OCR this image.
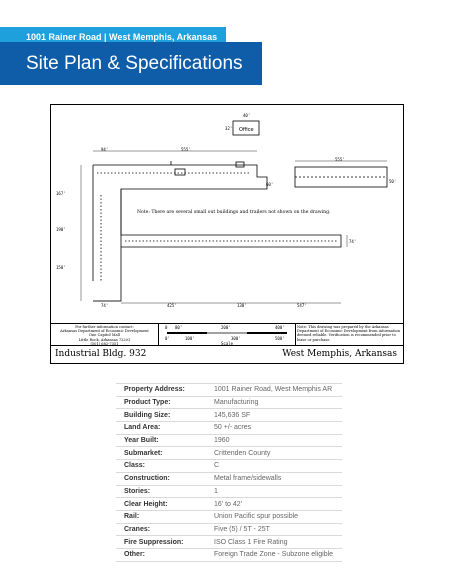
1001 Rainer Road | West Memphis, Arkansas
Site Plan & Specifications
Office
40'
32'
94'	555'
60'
555'
50'
167'
190'
150'
74'
74'	425'	138'	547'
Note: There are several small out buildings and trailers not shown on the drawing.
For further information contact:
Arkansas Department of Economic Development
One Capitol Mall
Little Rock, Arkansas 72201
(501) 682-7351
0 80'	200'	400'
0'	100'	300'	500'
Scale
Note: This drawing was prepared by the Arkansas Department of Economic Development from information deemed reliable. Verification is recommended prior to lease or purchase.
Industrial Bldg. 932	West Memphis, Arkansas
Property Address:	1001 Rainer Road, West Memphis AR
Product Type:	Manufacturing
Building Size:	145,636 SF
Land Area:	50 +/- acres
Year Built:	1960
Submarket:	Crittenden County
Class:	C
Construction:	Metal frame/sidewalls
Stories:	1
Clear Height:	16' to 42'
Rail:	Union Pacific spur possible
Cranes:	Five (5) / 5T - 25T
Fire Suppression:	ISO Class 1 Fire Rating
Other:	Foreign Trade Zone - Subzone eligible
